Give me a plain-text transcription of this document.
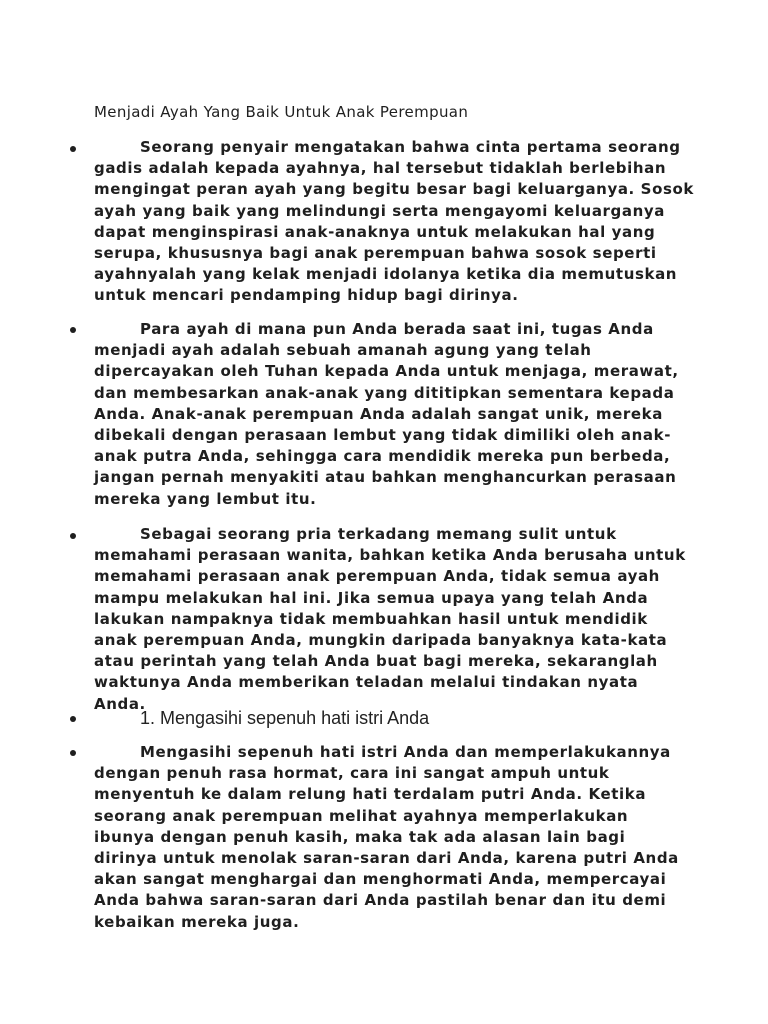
Menjadi Ayah Yang Baik Untuk Anak Perempuan

Seorang penyair mengatakan bahwa cinta pertama seorang gadis adalah kepada ayahnya, hal tersebut tidaklah berlebihan mengingat peran ayah yang begitu besar bagi keluarganya. Sosok ayah yang baik yang melindungi serta mengayomi keluarganya dapat menginspirasi anak-anaknya untuk melakukan hal yang serupa, khususnya bagi anak perempuan bahwa sosok seperti ayahnyalah yang kelak menjadi idolanya ketika dia memutuskan untuk mencari pendamping hidup bagi dirinya.

Para ayah di mana pun Anda berada saat ini, tugas Anda menjadi ayah adalah sebuah amanah agung yang telah dipercayakan oleh Tuhan kepada Anda untuk menjaga, merawat, dan membesarkan anak-anak yang dititipkan sementara kepada Anda. Anak-anak perempuan Anda adalah sangat unik, mereka dibekali dengan perasaan lembut yang tidak dimiliki oleh anak-anak putra Anda, sehingga cara mendidik mereka pun berbeda, jangan pernah menyakiti atau bahkan menghancurkan perasaan mereka yang lembut itu.

Sebagai seorang pria terkadang memang sulit untuk memahami perasaan wanita, bahkan ketika Anda berusaha untuk memahami perasaan anak perempuan Anda, tidak semua ayah mampu melakukan hal ini. Jika semua upaya yang telah Anda lakukan nampaknya tidak membuahkan hasil untuk mendidik anak perempuan Anda, mungkin daripada banyaknya kata-kata atau perintah yang telah Anda buat bagi mereka, sekaranglah waktunya Anda memberikan teladan melalui tindakan nyata Anda.

1. Mengasihi sepenuh hati istri Anda

Mengasihi sepenuh hati istri Anda dan memperlakukannya dengan penuh rasa hormat, cara ini sangat ampuh untuk menyentuh ke dalam relung hati terdalam putri Anda. Ketika seorang anak perempuan melihat ayahnya memperlakukan ibunya dengan penuh kasih, maka tak ada alasan lain bagi dirinya untuk menolak saran-saran dari Anda, karena putri Anda akan sangat menghargai dan menghormati Anda, mempercayai Anda bahwa saran-saran dari Anda pastilah benar dan itu demi kebaikan mereka juga.
